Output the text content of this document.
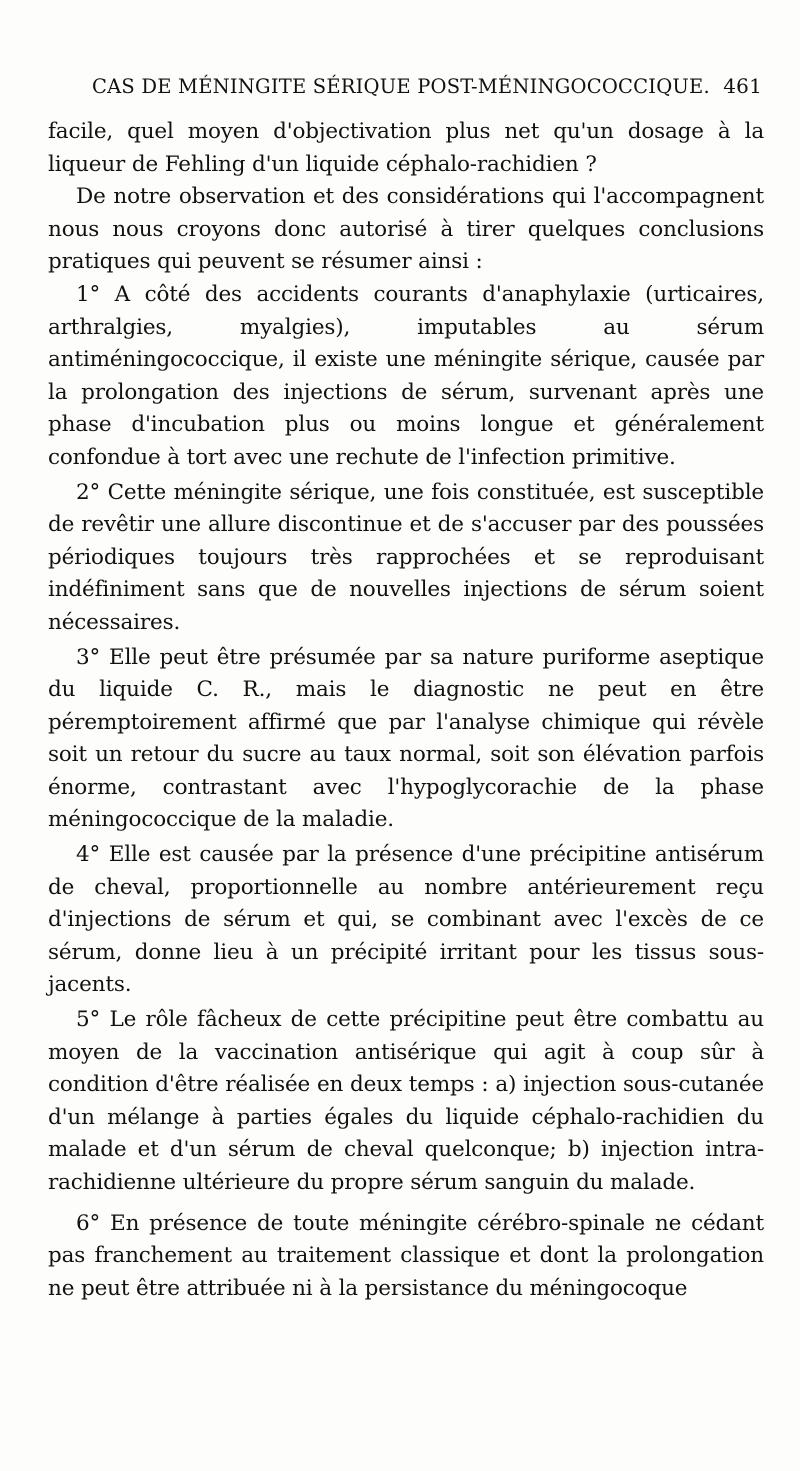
CAS DE MÉNINGITE SÉRIQUE POST-MÉNINGOCOCCIQUE. 461

facile, quel moyen d'objectivation plus net qu'un dosage à la liqueur de Fehling d'un liquide céphalo-rachidien ?

De notre observation et des considérations qui l'accompagnent nous nous croyons donc autorisé à tirer quelques conclusions pratiques qui peuvent se résumer ainsi :

1° A côté des accidents courants d'anaphylaxie (urticaires, arthralgies, myalgies), imputables au sérum antiméningococcique, il existe une méningite sérique, causée par la prolongation des injections de sérum, survenant après une phase d'incubation plus ou moins longue et généralement confondue à tort avec une rechute de l'infection primitive.

2° Cette méningite sérique, une fois constituée, est susceptible de revêtir une allure discontinue et de s'accuser par des poussées périodiques toujours très rapprochées et se reproduisant indéfiniment sans que de nouvelles injections de sérum soient nécessaires.

3° Elle peut être présumée par sa nature puriforme aseptique du liquide C. R., mais le diagnostic ne peut en être péremptoirement affirmé que par l'analyse chimique qui révèle soit un retour du sucre au taux normal, soit son élévation parfois énorme, contrastant avec l'hypoglycorachie de la phase méningococcique de la maladie.

4° Elle est causée par la présence d'une précipitine antisérum de cheval, proportionnelle au nombre antérieurement reçu d'injections de sérum et qui, se combinant avec l'excès de ce sérum, donne lieu à un précipité irritant pour les tissus sous-jacents.

5° Le rôle fâcheux de cette précipitine peut être combattu au moyen de la vaccination antisérique qui agit à coup sûr à condition d'être réalisée en deux temps : a) injection sous-cutanée d'un mélange à parties égales du liquide céphalo-rachidien du malade et d'un sérum de cheval quelconque; b) injection intra-rachidienne ultérieure du propre sérum sanguin du malade.

6° En présence de toute méningite cérébro-spinale ne cédant pas franchement au traitement classique et dont la prolongation ne peut être attribuée ni à la persistance du méningocoque
